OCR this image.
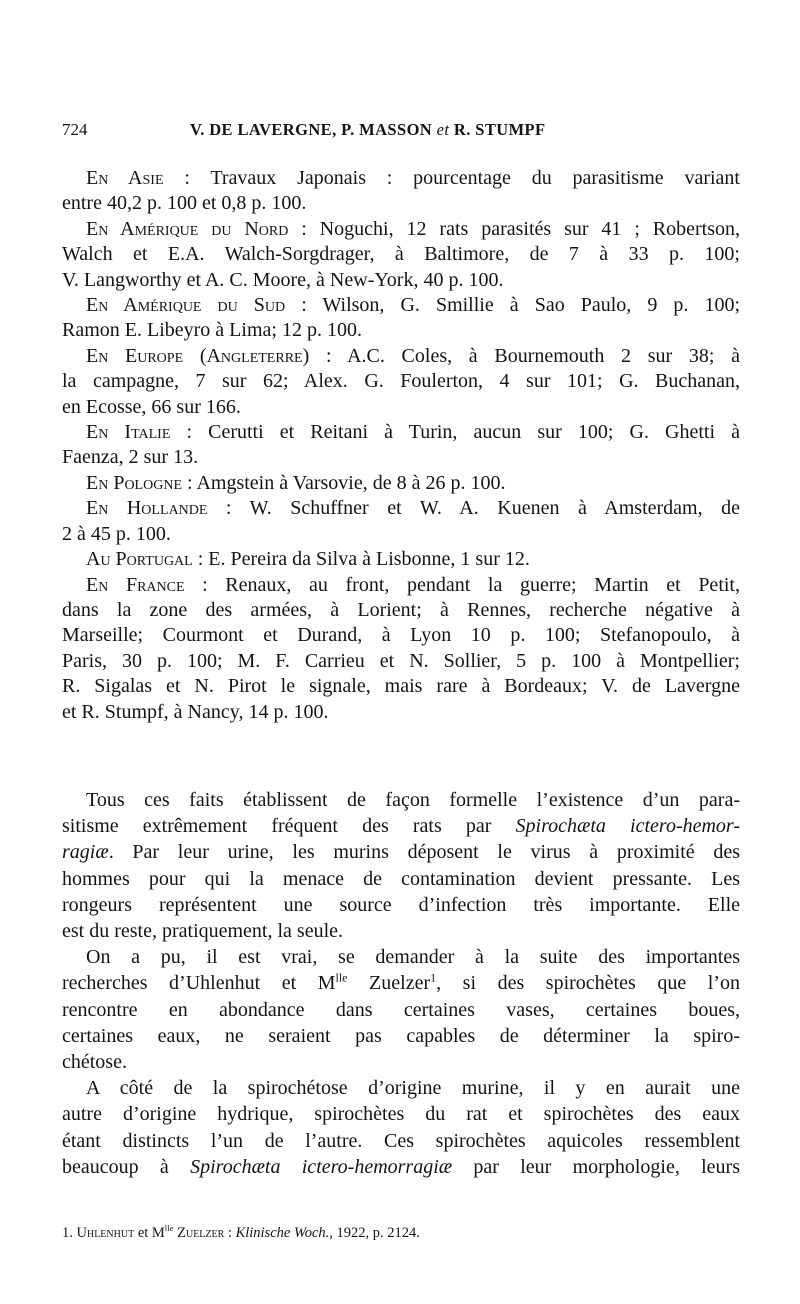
724	V. DE LAVERGNE, P. MASSON et R. STUMPF
En Asie : Travaux Japonais : pourcentage du parasitisme variant
entre 40,2 p. 100 et 0,8 p. 100.
En Amérique du Nord : Noguchi, 12 rats parasités sur 41 ; Robertson,
Walch et E.A. Walch-Sorgdrager, à Baltimore, de 7 à 33 p. 100;
V. Langworthy et A. C. Moore, à New-York, 40 p. 100.
En Amérique du Sud : Wilson, G. Smillie à Sao Paulo, 9 p. 100;
Ramon E. Libeyro à Lima; 12 p. 100.
En Europe (Angleterre) : A.C. Coles, à Bournemouth 2 sur 38; à
la campagne, 7 sur 62; Alex. G. Foulerton, 4 sur 101; G. Buchanan,
en Ecosse, 66 sur 166.
En Italie : Cerutti et Reitani à Turin, aucun sur 100; G. Ghetti à
Faenza, 2 sur 13.
En Pologne : Amgstein à Varsovie, de 8 à 26 p. 100.
En Hollande : W. Schuffner et W. A. Kuenen à Amsterdam, de
2 à 45 p. 100.
Au Portugal : E. Pereira da Silva à Lisbonne, 1 sur 12.
En France : Renaux, au front, pendant la guerre; Martin et Petit,
dans la zone des armées, à Lorient; à Rennes, recherche négative à
Marseille; Courmont et Durand, à Lyon 10 p. 100; Stefanopoulo, à
Paris, 30 p. 100; M. F. Carrieu et N. Sollier, 5 p. 100 à Montpellier;
R. Sigalas et N. Pirot le signale, mais rare à Bordeaux; V. de Lavergne
et R. Stumpf, à Nancy, 14 p. 100.
Tous ces faits établissent de façon formelle l’existence d’un para-
sitisme extrêmement fréquent des rats par Spirochæta ictero-hemor-
ragiæ. Par leur urine, les murins déposent le virus à proximité des
hommes pour qui la menace de contamination devient pressante. Les
rongeurs représentent une source d’infection très importante. Elle
est du reste, pratiquement, la seule.
On a pu, il est vrai, se demander à la suite des importantes
recherches d’Uhlenhut et $M^{lle}$ Zuelzer$^1$, si des spirochètes que l’on
rencontre en abondance dans certaines vases, certaines boues,
certaines eaux, ne seraient pas capables de déterminer la spiro-
chétose.
A côté de la spirochétose d’origine murine, il y en aurait une
autre d’origine hydrique, spirochètes du rat et spirochètes des eaux
étant distincts l’un de l’autre. Ces spirochètes aquicoles ressemblent
beaucoup à Spirochæta ictero-hemorragiæ par leur morphologie, leurs
1. Uhlenhut et $M^{lle}$ Zuelzer : Klinische Woch., 1922, p. 2124.
